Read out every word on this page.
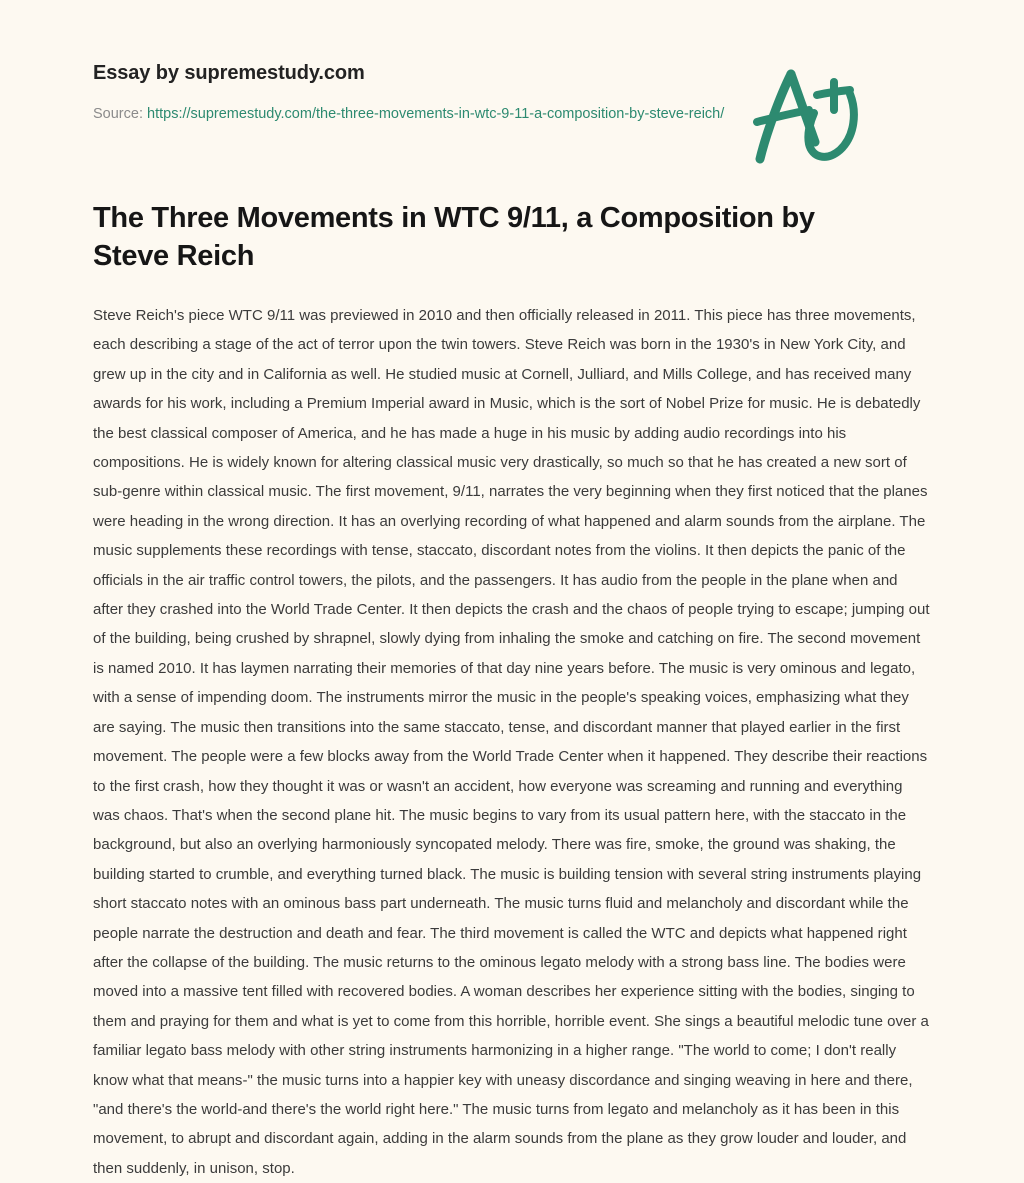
Essay by supremestudy.com
Source: https://supremestudy.com/the-three-movements-in-wtc-9-11-a-composition-by-steve-reich/
The Three Movements in WTC 9/11, a Composition by Steve Reich

Steve Reich's piece WTC 9/11 was previewed in 2010 and then officially released in 2011. This piece has three movements, each describing a stage of the act of terror upon the twin towers. Steve Reich was born in the 1930's in New York City, and grew up in the city and in California as well. He studied music at Cornell, Julliard, and Mills College, and has received many awards for his work, including a Premium Imperial award in Music, which is the sort of Nobel Prize for music. He is debatedly the best classical composer of America, and he has made a huge in his music by adding audio recordings into his compositions. He is widely known for altering classical music very drastically, so much so that he has created a new sort of sub-genre within classical music. The first movement, 9/11, narrates the very beginning when they first noticed that the planes were heading in the wrong direction. It has an overlying recording of what happened and alarm sounds from the airplane. The music supplements these recordings with tense, staccato, discordant notes from the violins. It then depicts the panic of the officials in the air traffic control towers, the pilots, and the passengers. It has audio from the people in the plane when and after they crashed into the World Trade Center. It then depicts the crash and the chaos of people trying to escape; jumping out of the building, being crushed by shrapnel, slowly dying from inhaling the smoke and catching on fire. The second movement is named 2010. It has laymen narrating their memories of that day nine years before. The music is very ominous and legato, with a sense of impending doom. The instruments mirror the music in the people's speaking voices, emphasizing what they are saying. The music then transitions into the same staccato, tense, and discordant manner that played earlier in the first movement. The people were a few blocks away from the World Trade Center when it happened. They describe their reactions to the first crash, how they thought it was or wasn't an accident, how everyone was screaming and running and everything was chaos. That's when the second plane hit. The music begins to vary from its usual pattern here, with the staccato in the background, but also an overlying harmoniously syncopated melody. There was fire, smoke, the ground was shaking, the building started to crumble, and everything turned black. The music is building tension with several string instruments playing short staccato notes with an ominous bass part underneath. The music turns fluid and melancholy and discordant while the people narrate the destruction and death and fear. The third movement is called the WTC and depicts what happened right after the collapse of the building. The music returns to the ominous legato melody with a strong bass line. The bodies were moved into a massive tent filled with recovered bodies. A woman describes her experience sitting with the bodies, singing to them and praying for them and what is yet to come from this horrible, horrible event. She sings a beautiful melodic tune over a familiar legato bass melody with other string instruments harmonizing in a higher range. "The world to come; I don't really know what that means-" the music turns into a happier key with uneasy discordance and singing weaving in here and there, "and there's the world-and there's the world right here." The music turns from legato and melancholy as it has been in this movement, to abrupt and discordant again, adding in the alarm sounds from the plane as they grow louder and louder, and then suddenly, in unison, stop.
